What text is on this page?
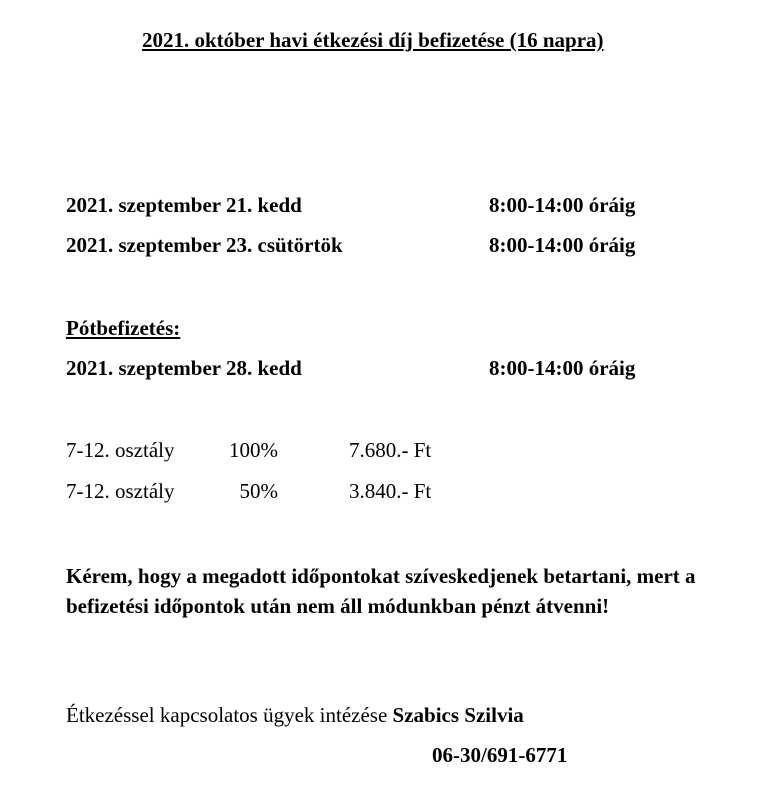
2021. október havi étkezési díj befizetése (16 napra)
2021. szeptember 21. kedd	8:00-14:00 óráig
2021. szeptember 23. csütörtök	8:00-14:00 óráig
Pótbefizetés:
2021. szeptember 28. kedd	8:00-14:00 óráig
7-12. osztály	100%	7.680.- Ft
7-12. osztály	50%	3.840.- Ft
Kérem, hogy a megadott időpontokat szíveskedjenek betartani, mert a befizetési időpontok után nem áll módunkban pénzt átvenni!
Étkezéssel kapcsolatos ügyek intézése Szabics Szilvia
06-30/691-6771
